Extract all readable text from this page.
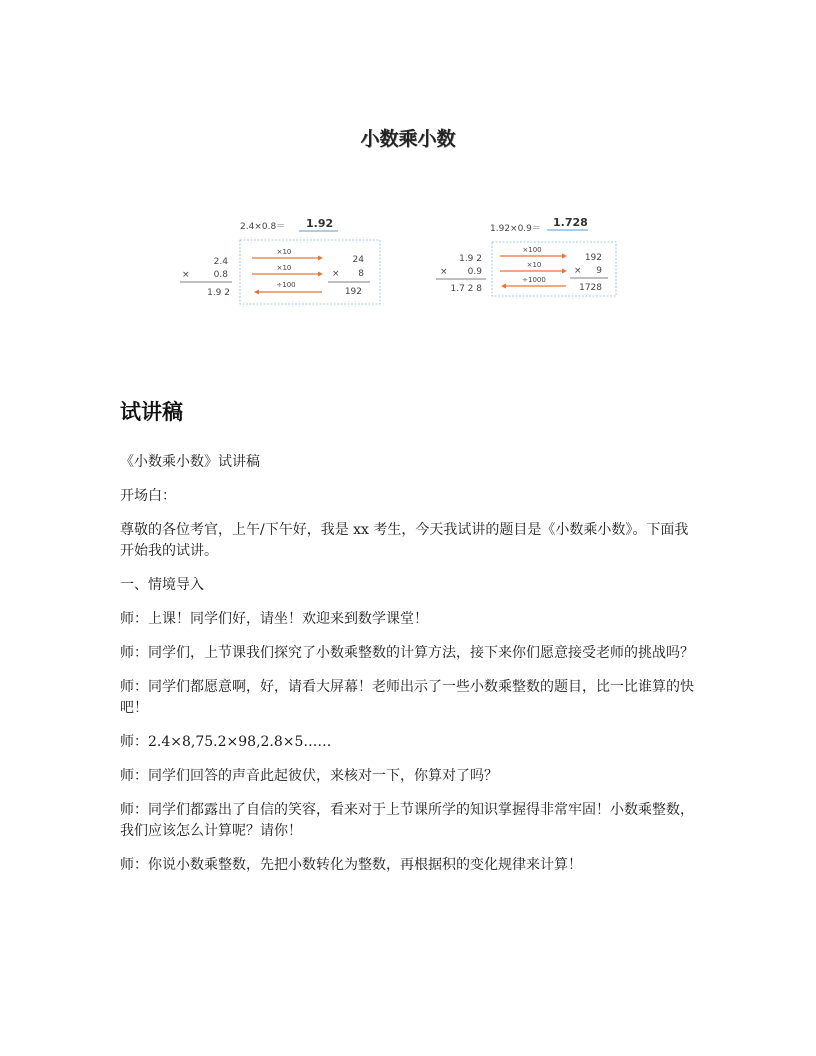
小数乘小数
2.4×0.8＝ 1.92
2.4
×	0.8
1.9 2
×10
×10
÷100
24
× 8
192
1.92×0.9＝ 1.728
1.9 2
× 0.9
1.7 2 8
×100
×10
÷1000
192
× 9
1728
试讲稿

《小数乘小数》试讲稿

开场白：

尊敬的各位考官，上午/下午好，我是 xx 考生，今天我试讲的题目是《小数乘小数》。下面我开始我的试讲。

一、情境导入

师：上课！同学们好，请坐！欢迎来到数学课堂！

师：同学们，上节课我们探究了小数乘整数的计算方法，接下来你们愿意接受老师的挑战吗？

师：同学们都愿意啊，好，请看大屏幕！老师出示了一些小数乘整数的题目，比一比谁算的快吧！

师：2.4×8,75.2×98,2.8×5……

师：同学们回答的声音此起彼伏，来核对一下，你算对了吗？

师：同学们都露出了自信的笑容，看来对于上节课所学的知识掌握得非常牢固！小数乘整数，我们应该怎么计算呢？请你！

师：你说小数乘整数，先把小数转化为整数，再根据积的变化规律来计算！
